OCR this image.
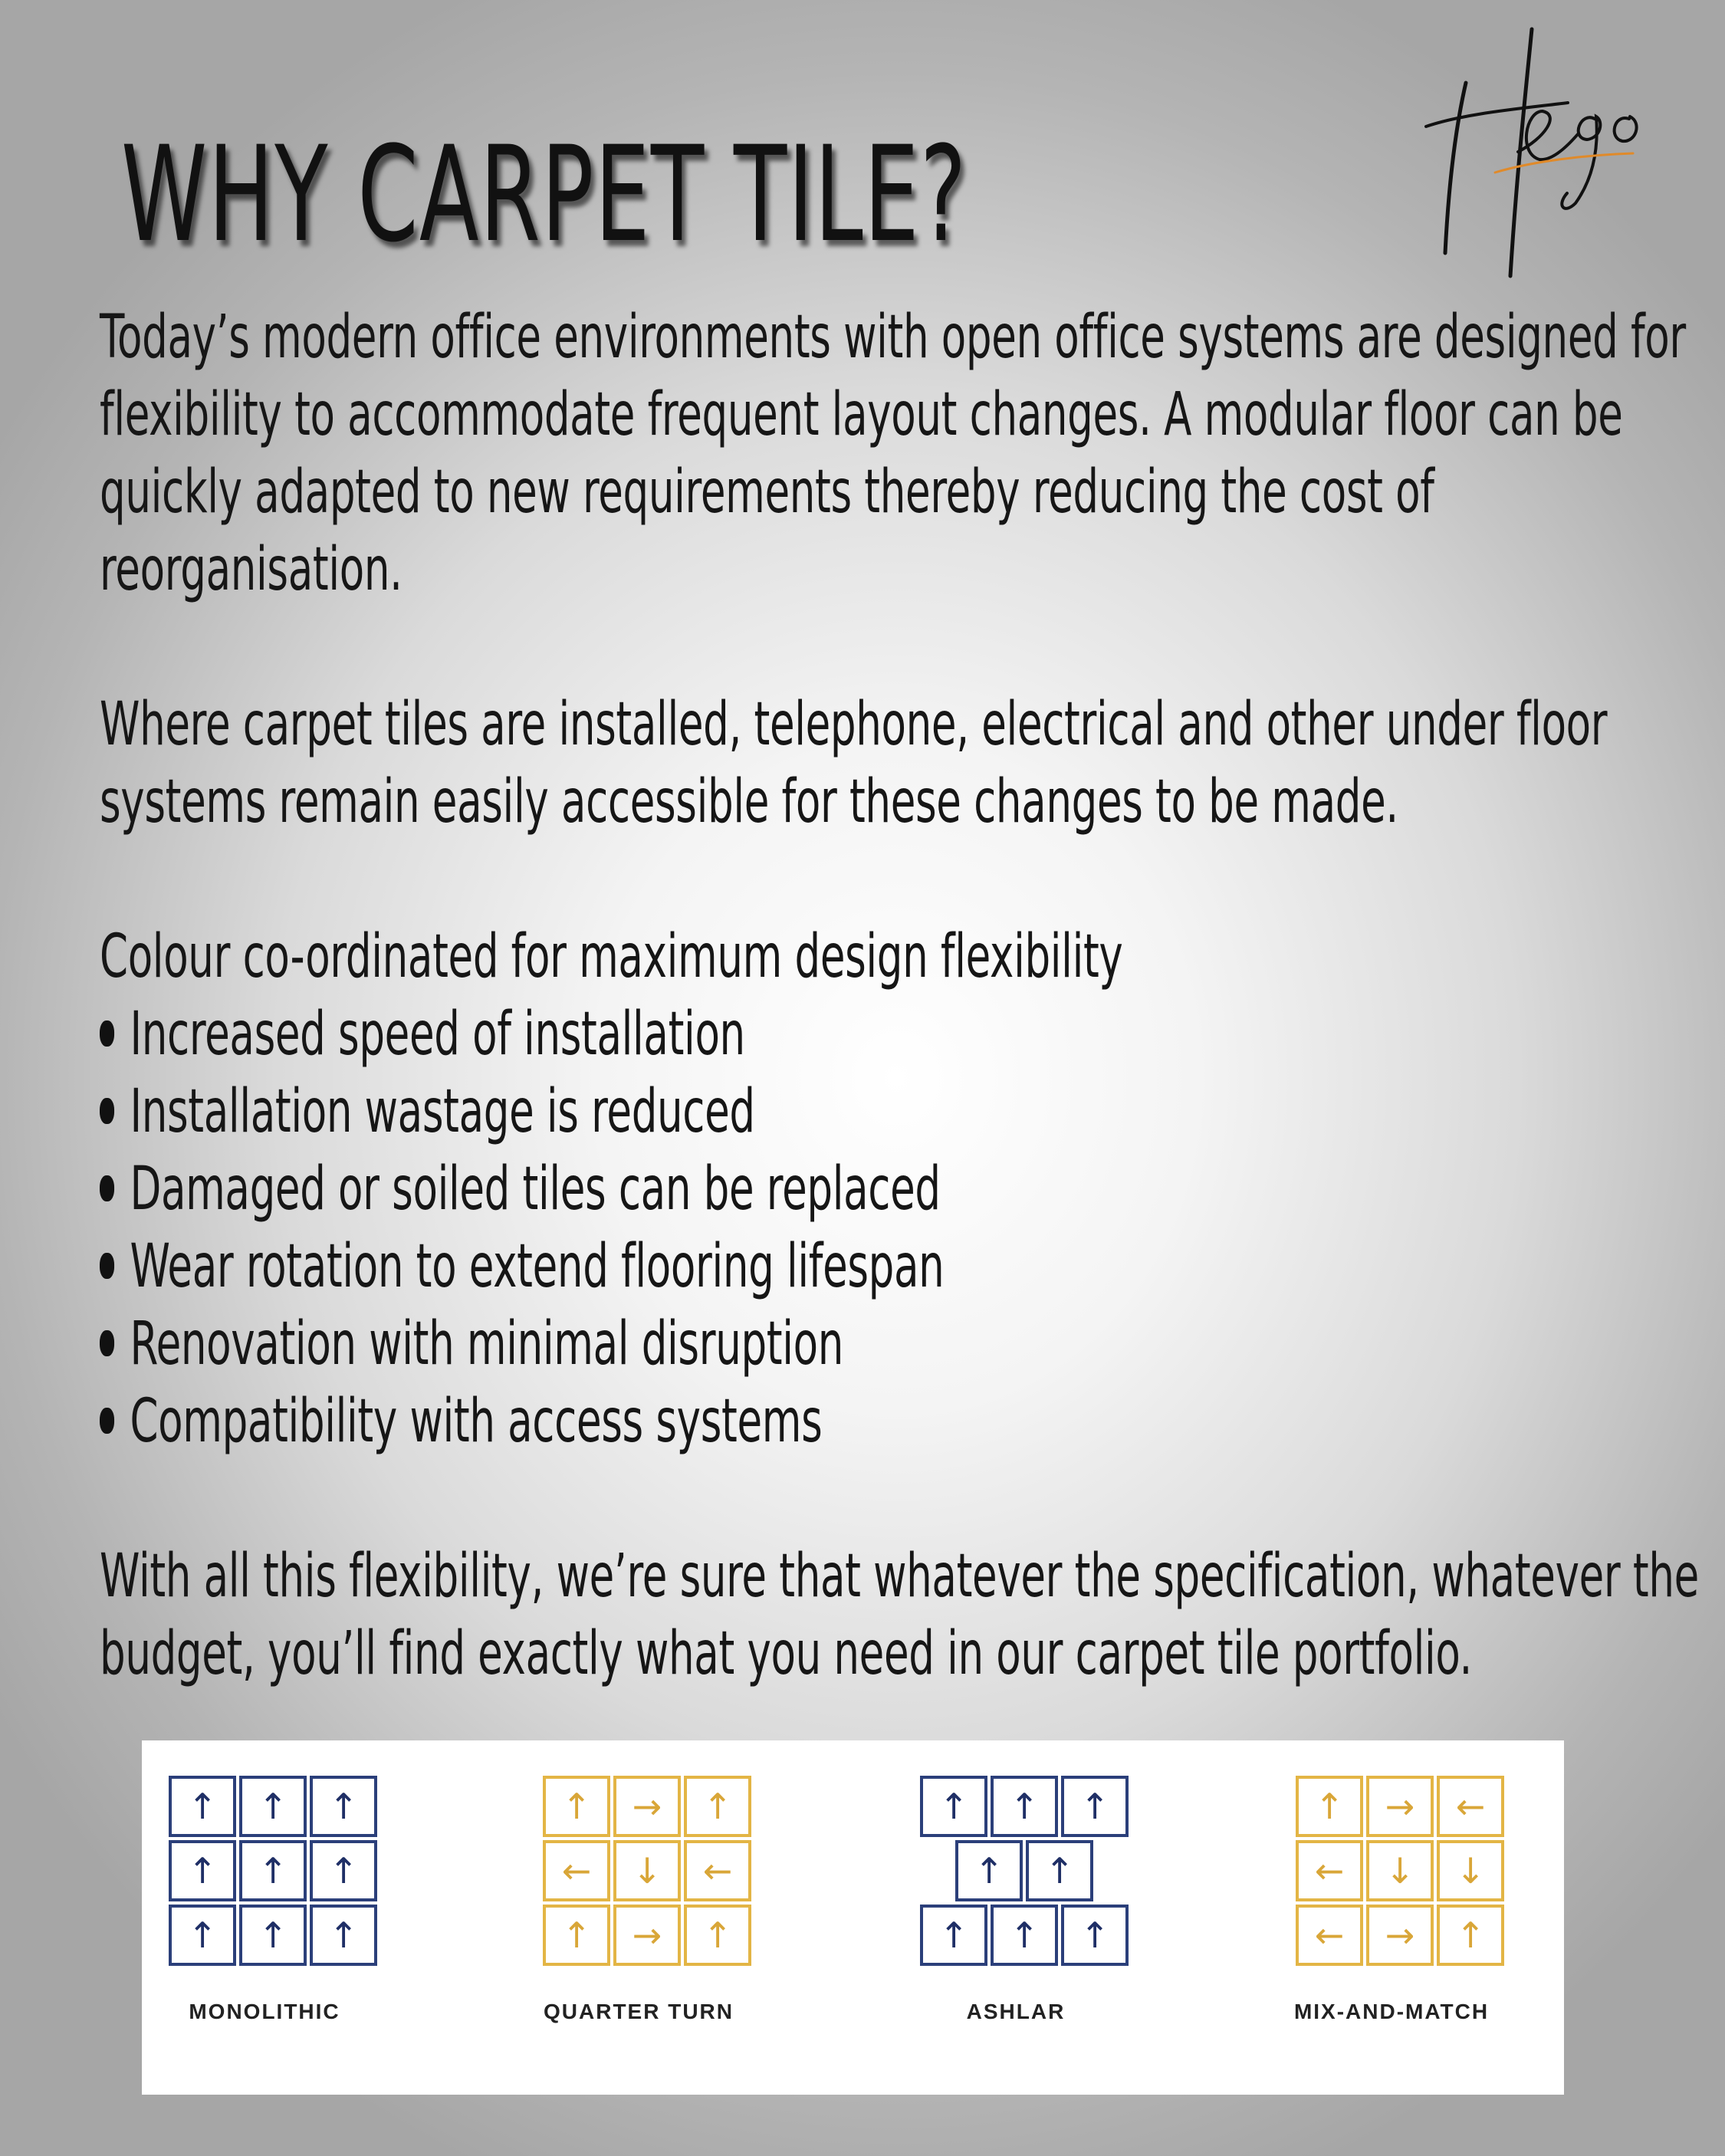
WHY CARPET TILE?

Today’s modern office environments with open office systems are designed for flexibility to accommodate frequent layout changes. A modular floor can be quickly adapted to new requirements thereby reducing the cost of reorganisation.

Where carpet tiles are installed, telephone, electrical and other under floor systems remain easily accessible for these changes to be made.

Colour co-ordinated for maximum design flexibility

Increased speed of installation
Installation wastage is reduced
Damaged or soiled tiles can be replaced
Wear rotation to extend flooring lifespan
Renovation with minimal disruption
Compatibility with access systems

With all this flexibility, we’re sure that whatever the specification, whatever the budget, you’ll find exactly what you need in our carpet tile portfolio.

↑	↑	↑
↑	↑	↑
↑	↑	↑
MONOLITHIC
↑	→	↑
←	↓	←
↑	→	↑
QUARTER TURN
↑	↑	↑
↑	↑
↑	↑	↑
ASHLAR
↑	→	←
←	↓	↓
←	→	↑
MIX-AND-MATCH
